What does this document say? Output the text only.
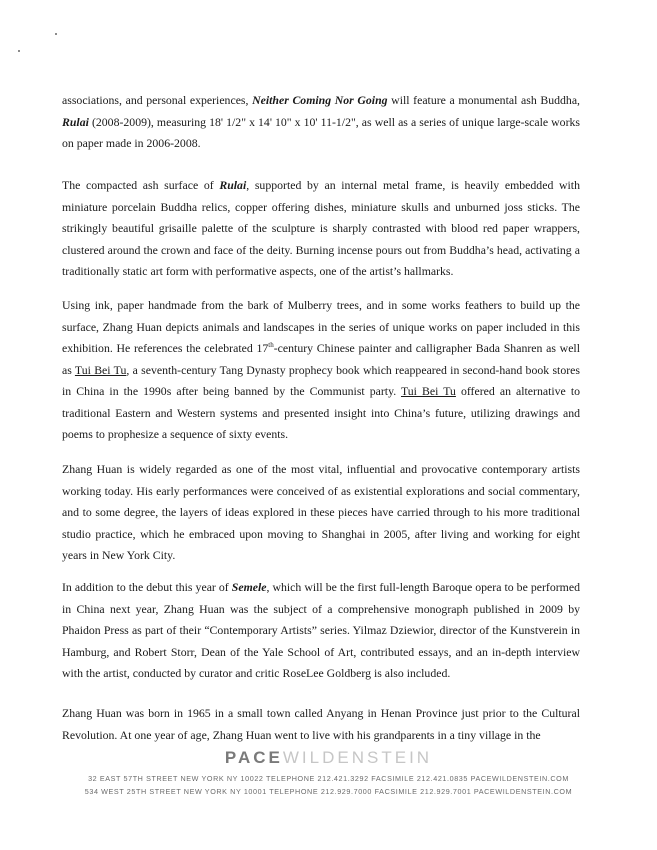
associations, and personal experiences, Neither Coming Nor Going will feature a monumental ash Buddha, Rulai (2008-2009), measuring 18' 1/2" x 14' 10" x 10' 11-1/2", as well as a series of unique large-scale works on paper made in 2006-2008.

The compacted ash surface of Rulai, supported by an internal metal frame, is heavily embedded with miniature porcelain Buddha relics, copper offering dishes, miniature skulls and unburned joss sticks. The strikingly beautiful grisaille palette of the sculpture is sharply contrasted with blood red paper wrappers, clustered around the crown and face of the deity. Burning incense pours out from Buddha’s head, activating a traditionally static art form with performative aspects, one of the artist’s hallmarks.

Using ink, paper handmade from the bark of Mulberry trees, and in some works feathers to build up the surface, Zhang Huan depicts animals and landscapes in the series of unique works on paper included in this exhibition. He references the celebrated 17th-century Chinese painter and calligrapher Bada Shanren as well as Tui Bei Tu, a seventh-century Tang Dynasty prophecy book which reappeared in second-hand book stores in China in the 1990s after being banned by the Communist party. Tui Bei Tu offered an alternative to traditional Eastern and Western systems and presented insight into China’s future, utilizing drawings and poems to prophesize a sequence of sixty events.

Zhang Huan is widely regarded as one of the most vital, influential and provocative contemporary artists working today. His early performances were conceived of as existential explorations and social commentary, and to some degree, the layers of ideas explored in these pieces have carried through to his more traditional studio practice, which he embraced upon moving to Shanghai in 2005, after living and working for eight years in New York City.

In addition to the debut this year of Semele, which will be the first full-length Baroque opera to be performed in China next year, Zhang Huan was the subject of a comprehensive monograph published in 2009 by Phaidon Press as part of their “Contemporary Artists” series. Yilmaz Dziewior, director of the Kunstverein in Hamburg, and Robert Storr, Dean of the Yale School of Art, contributed essays, and an in-depth interview with the artist, conducted by curator and critic RoseLee Goldberg is also included.

Zhang Huan was born in 1965 in a small town called Anyang in Henan Province just prior to the Cultural Revolution. At one year of age, Zhang Huan went to live with his grandparents in a tiny village in the

PACEWILDENSTEIN
32 EAST 57TH STREET NEW YORK NY 10022 TELEPHONE 212.421.3292 FACSIMILE 212.421.0835 PACEWILDENSTEIN.COM
534 WEST 25TH STREET NEW YORK NY 10001 TELEPHONE 212.929.7000 FACSIMILE 212.929.7001 PACEWILDENSTEIN.COM
